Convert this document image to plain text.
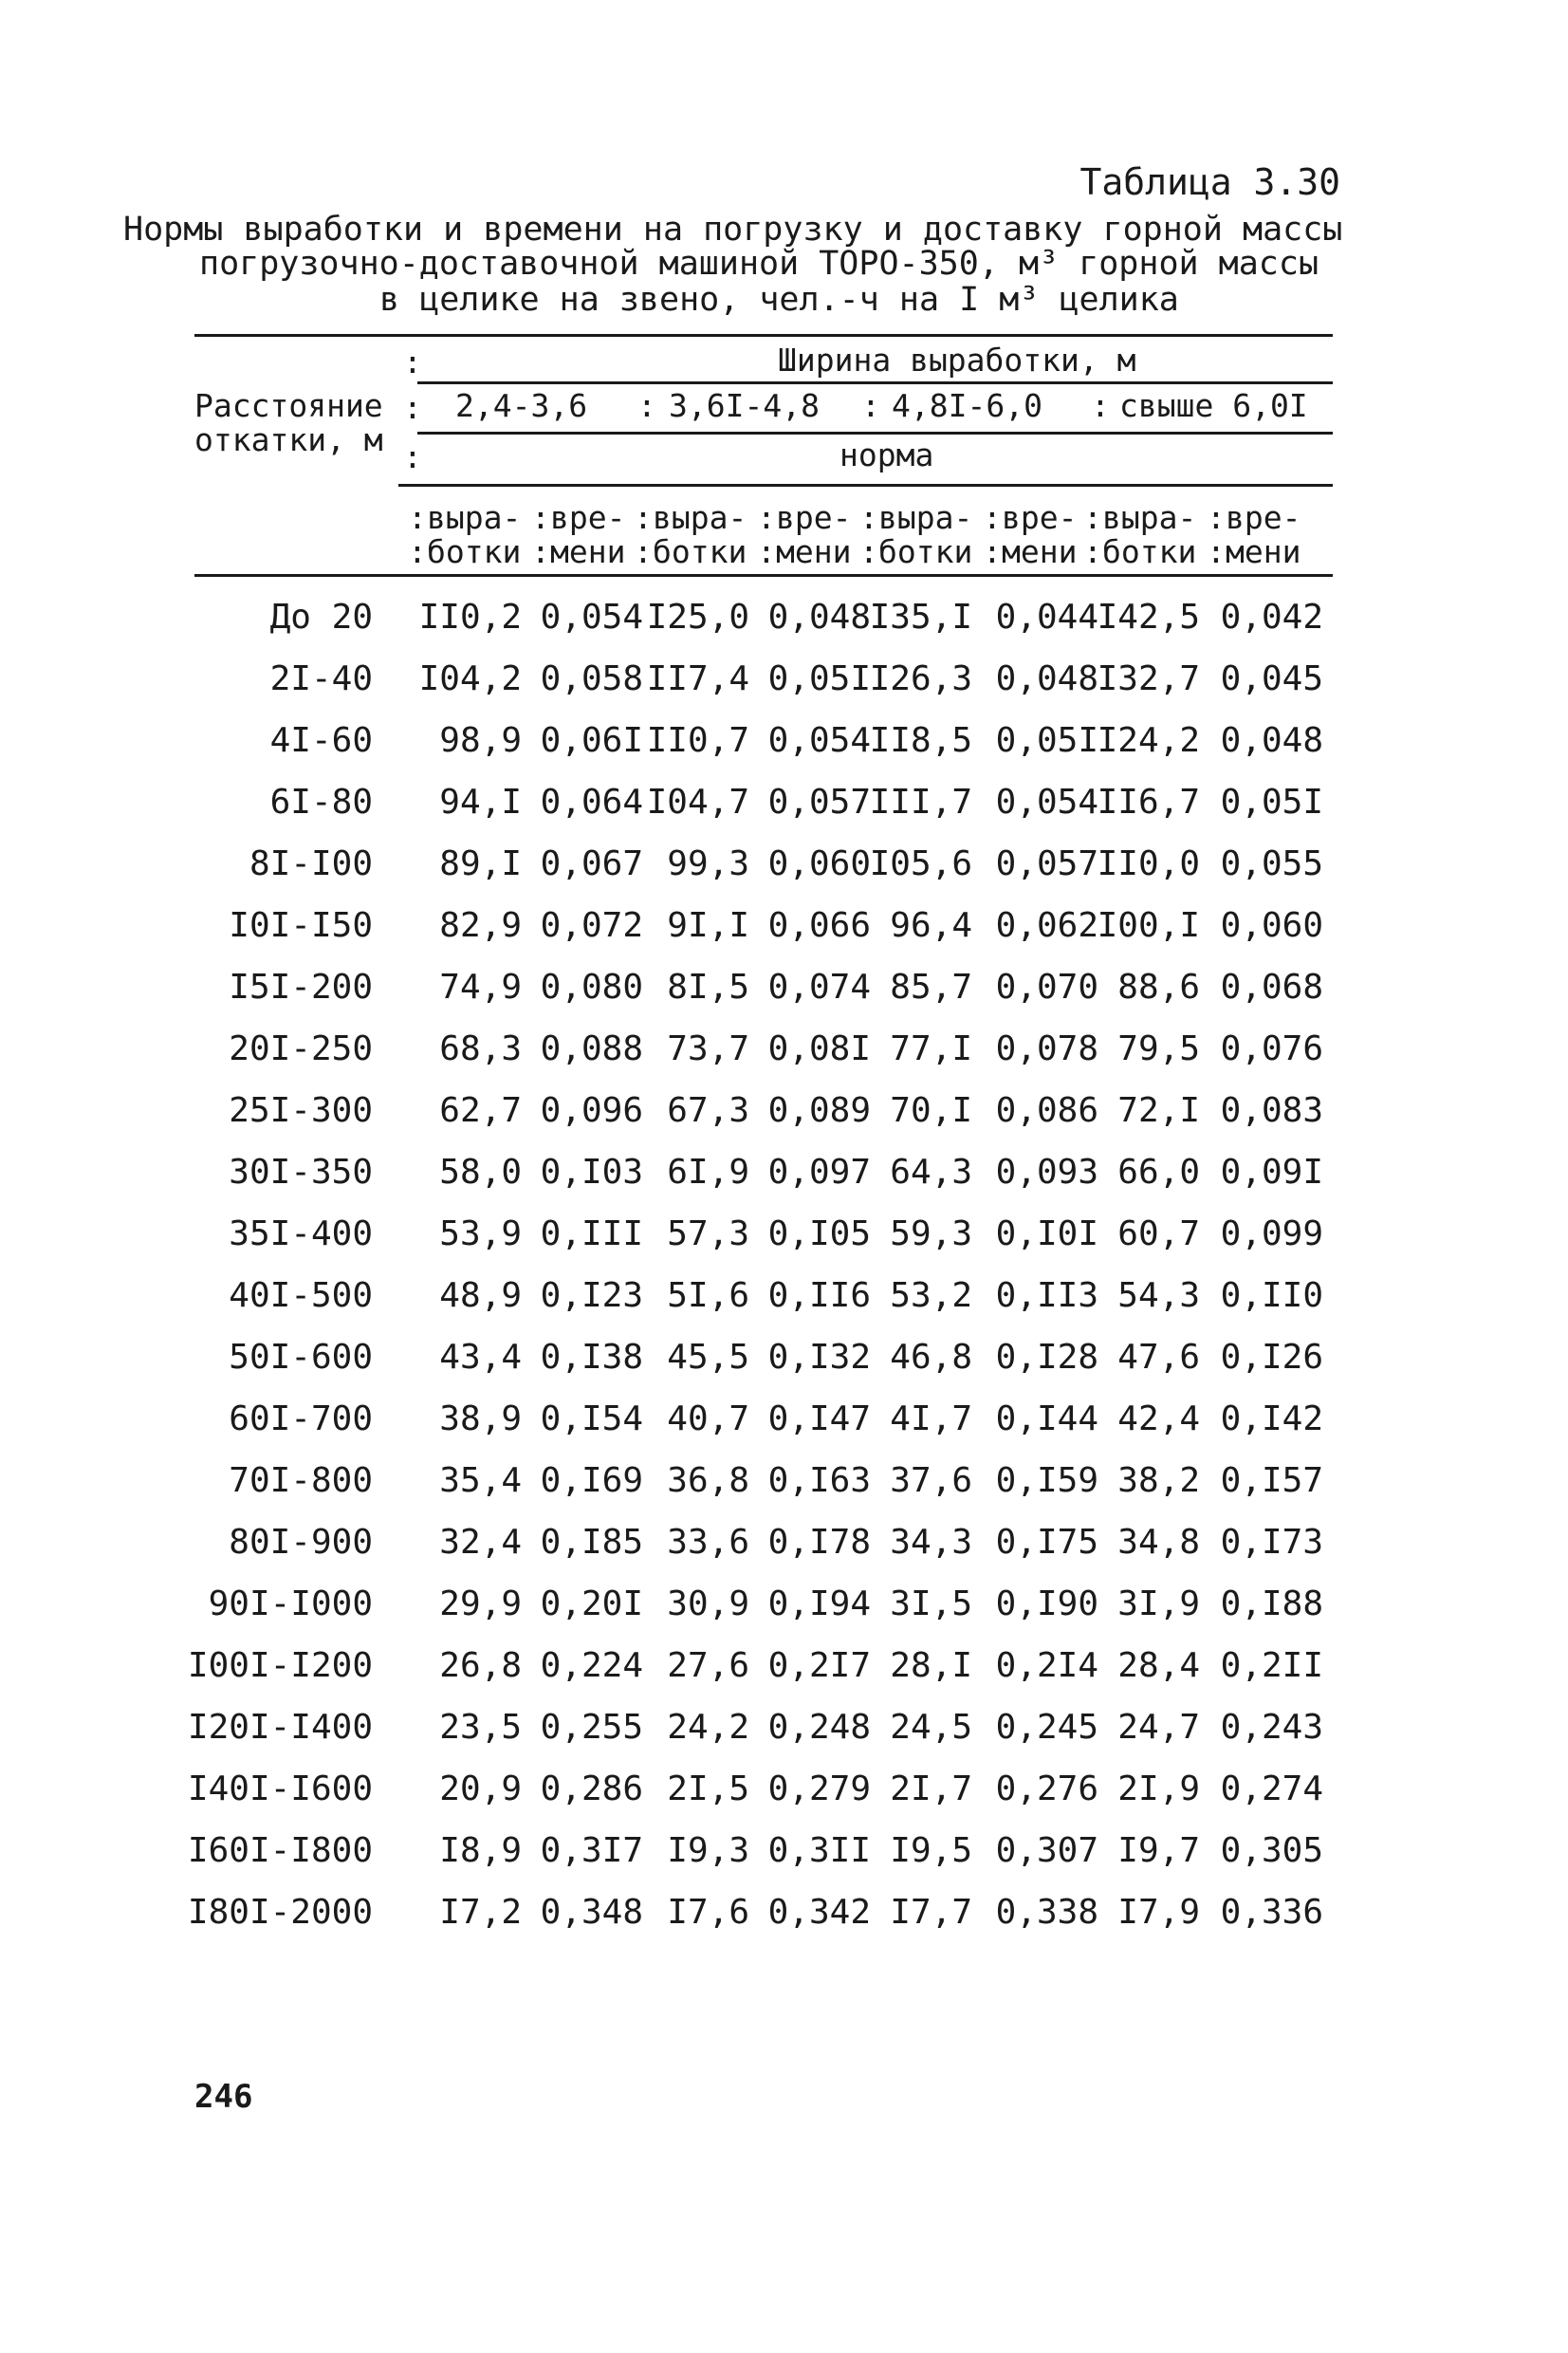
Таблица 3.30
Нормы выработки и времени на погрузку и доставку горной массы
погрузочно-доставочной машиной ТОРО-350, м³ горной массы
в целике на звено, чел.-ч на I м³ целика
Расстояние
откатки, м
:
:
:
Ширина выработки, м
2,4-3,6 : 3,6I-4,8 : 4,8I-6,0 : свыше 6,0I
норма
: выра- : вре-
: ботки : мени
: выра- : вре-
: ботки : мени
: выра- : вре-
: ботки : мени
: выра- : вре-
: ботки : мени
До 20 II0,2 0,054 I25,0 0,048
I35,I 0,044
I42,5 0,042
2I-40 I04,2 0,058 II7,4 0,05I
I26,3 0,048
I32,7 0,045
4I-60 98,9 0,06I II0,7 0,054
II8,5 0,05I
I24,2 0,048
6I-80 94,I 0,064 I04,7 0,057
III,7 0,054
II6,7 0,05I
8I-I00 89,I 0,067 99,3 0,060
I05,6 0,057
II0,0 0,055
I0I-I50 82,9 0,072 9I,I 0,066 96,4 0,062
I00,I 0,060
I5I-200 74,9 0,080 8I,5 0,074 85,7 0,070 88,6 0,068
20I-250 68,3 0,088 73,7 0,08I 77,I 0,078 79,5 0,076
25I-300 62,7 0,096 67,3 0,089 70,I 0,086 72,I 0,083
30I-350 58,0 0,I03 6I,9 0,097 64,3 0,093 66,0 0,09I
35I-400 53,9 0,III 57,3 0,I05 59,3 0,I0I 60,7 0,099
40I-500 48,9 0,I23 5I,6 0,II6 53,2 0,II3 54,3 0,II0
50I-600 43,4 0,I38 45,5 0,I32 46,8 0,I28 47,6 0,I26
60I-700 38,9 0,I54 40,7 0,I47 4I,7 0,I44 42,4 0,I42
70I-800 35,4 0,I69 36,8 0,I63 37,6 0,I59 38,2 0,I57
80I-900 32,4 0,I85 33,6 0,I78 34,3 0,I75 34,8 0,I73
90I-I000 29,9 0,20I 30,9 0,I94 3I,5 0,I90 3I,9 0,I88
I00I-I200 26,8 0,224 27,6 0,2I7 28,I 0,2I4 28,4 0,2II
I20I-I400 23,5 0,255 24,2 0,248 24,5 0,245 24,7 0,243
I40I-I600 20,9 0,286 2I,5 0,279 2I,7 0,276 2I,9 0,274
I60I-I800 I8,9 0,3I7 I9,3 0,3II I9,5 0,307 I9,7 0,305
I80I-2000 I7,2 0,348 I7,6 0,342 I7,7 0,338 I7,9 0,336
246
